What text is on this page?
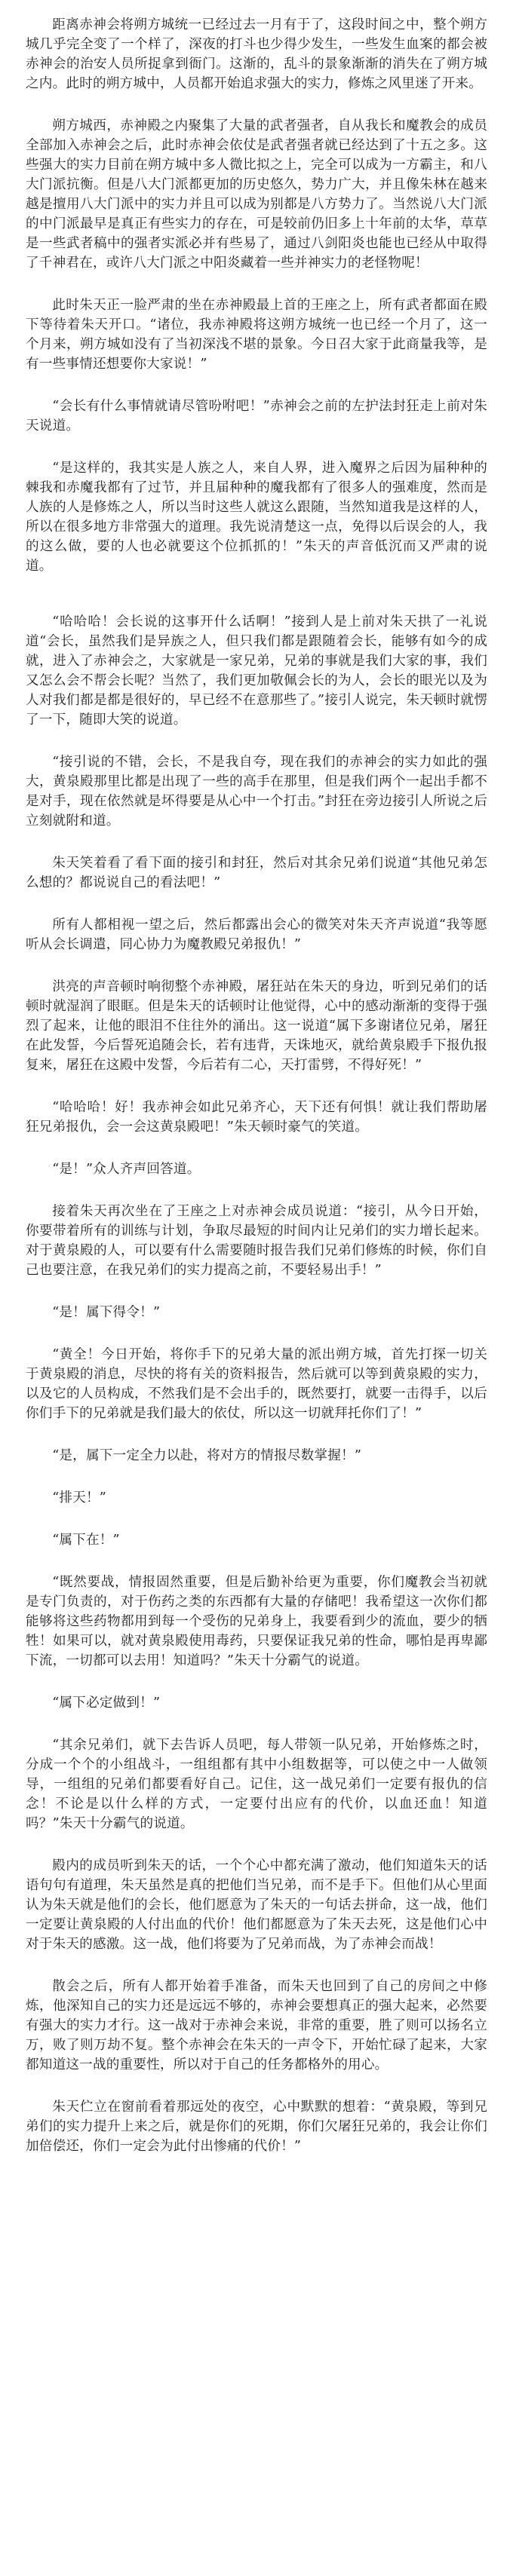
距离赤神会将朔方城统一已经过去一月有于了，这段时间之中，整个朔方城几乎完全变了一个样了，深夜的打斗也少得少发生，一些发生血案的都会被赤神会的治安人员所捉拿到衙门。这渐的，乱斗的景象渐渐的消失在了朔方城之内。此时的朔方城中，人员都开始追求强大的实力，修炼之风里迷了开来。

朔方城西，赤神殿之内聚集了大量的武者强者，自从我长和魔教会的成员全部加入赤神会之后，此时赤神会依仗是武者强者就已经达到了十五之多。这些强大的实力目前在朔方城中多人微比拟之上，完全可以成为一方霸主，和八大门派抗衡。但是八大门派都更加的历史悠久，势力广大，并且像朱林在越来越是擅用八大门派中的实力并且可以成为别都是八方势力了。当然说八大门派的中门派最早是真正有些实力的存在，可是较前仍旧多上十年前的太华，草草是一些武者稿中的强者实派必并有些易了，通过八剑阳炎也能也已经从中取得了千神君在，或许八大门派之中阳炎藏着一些并神实力的老怪物呢！

此时朱天正一脸严肃的坐在赤神殿最上首的王座之上，所有武者都面在殿下等待着朱天开口。“诸位，我赤神殿将这朔方城统一也已经一个月了，这一个月来，朔方城如没有了当初深浅不堪的景象。今日召大家于此商量我等，是有一些事情还想要你大家说！”

“会长有什么事情就请尽管吩咐吧！”赤神会之前的左护法封狂走上前对朱天说道。

“是这样的，我其实是人族之人，来自人界，进入魔界之后因为届种种的棘我和赤魔我都有了过节，并且届种种的魔我都有了很多人的强难度，然而是人族的人是修炼之人，所以当时这些人就这么跟随，当然知道我是这样的人，所以在很多地方非常强大的道理。我先说清楚这一点，免得以后误会的人，我的这么做，要的人也必就要这个位抓抓的！”朱天的声音低沉而又严肃的说道。

“哈哈哈！会长说的这事开什么话啊！”接到人是上前对朱天拱了一礼说道“会长，虽然我们是异族之人，但只我们都是跟随着会长，能够有如今的成就，进入了赤神会之，大家就是一家兄弟，兄弟的事就是我们大家的事，我们又怎么会不帮会长呢？当然了，我们更加敬佩会长的为人，会长的眼光以及为人对我们都是都是很好的，早已经不在意那些了。”接引人说完，朱天顿时就愣了一下，随即大笑的说道。

“接引说的不错，会长，不是我自夸，现在我们的赤神会的实力如此的强大，黄泉殿那里比都是出现了一些的高手在那里，但是我们两个一起出手都不是对手，现在依然就是坏得要是从心中一个打击。”封狂在旁边接引人所说之后立刻就附和道。

朱天笑着看了看下面的接引和封狂，然后对其余兄弟们说道“其他兄弟怎么想的？都说说自己的看法吧！”

所有人都相视一望之后，然后都露出会心的微笑对朱天齐声说道“我等愿听从会长调遣，同心协力为魔教殿兄弟报仇！”

洪亮的声音顿时响彻整个赤神殿，屠狂站在朱天的身边，听到兄弟们的话顿时就湿润了眼眶。但是朱天的话顿时让他觉得，心中的感动渐渐的变得于强烈了起来，让他的眼泪不住往外的涌出。这一说道“属下多谢诸位兄弟，屠狂在此发誓，今后誓死追随会长，若有违背，天诛地灭，就给黄泉殿手下报仇报复来，屠狂在这殿中发誓，今后若有二心，天打雷劈，不得好死！”

“哈哈哈！好！我赤神会如此兄弟齐心，天下还有何惧！就让我们帮助屠狂兄弟报仇，会一会这黄泉殿吧！”朱天顿时豪气的笑道。

“是！”众人齐声回答道。

接着朱天再次坐在了王座之上对赤神会成员说道：“接引，从今日开始，你要带着所有的训练与计划，争取尽最短的时间内让兄弟们的实力增长起来。对于黄泉殿的人，可以要有什么需要随时报告我们兄弟们修炼的时候，你们自己也要注意，在我兄弟们的实力提高之前，不要轻易出手！”

“是！属下得令！”

“黄全！今日开始，将你手下的兄弟大量的派出朔方城，首先打探一切关于黄泉殿的消息，尽快的将有关的资料报告，然后就可以等到黄泉殿的实力，以及它的人员构成，不然我们是不会出手的，既然要打，就要一击得手，以后你们手下的兄弟就是我们最大的依仗，所以这一切就拜托你们了！”

“是，属下一定全力以赴，将对方的情报尽数掌握！”

“排天！”

“属下在！”

“既然要战，情报固然重要，但是后勤补给更为重要，你们魔教会当初就是专门负责的，对于伤药之类的东西都有大量的存储吧！我希望这一次你们都能够将这些药物都用到每一个受伤的兄弟身上，我要看到少的流血，要少的牺牲！如果可以，就对黄泉殿使用毒药，只要保证我兄弟的性命，哪怕是再卑鄙下流，一切都可以去用！知道吗？”朱天十分霸气的说道。

“属下必定做到！”

“其余兄弟们，就下去告诉人员吧，每人带领一队兄弟，开始修炼之时，分成一个个的小组战斗，一组组都有其中小组数据等，可以使之中一人做领导，一组组的兄弟们都要看好自己。记住，这一战兄弟们一定要有报仇的信念！不论是以什么样的方式，一定要付出应有的代价，以血还血！知道吗？”朱天十分霸气的说道。

殿内的成员听到朱天的话，一个个心中都充满了激动，他们知道朱天的话语句句有道理，朱天虽然是真的把他们当兄弟，而不是手下。但他们从心里面认为朱天就是他们的会长，他们愿意为了朱天的一句话去拼命，这一战，他们一定要让黄泉殿的人付出血的代价！他们都愿意为了朱天去死，这是他们心中对于朱天的感激。这一战，他们将要为了兄弟而战，为了赤神会而战！

散会之后，所有人都开始着手准备，而朱天也回到了自己的房间之中修炼，他深知自己的实力还是远远不够的，赤神会要想真正的强大起来，必然要有强大的实力才行。这一战对于赤神会来说，非常的重要，胜了则可以扬名立万，败了则万劫不复。整个赤神会在朱天的一声令下，开始忙碌了起来，大家都知道这一战的重要性，所以对于自己的任务都格外的用心。

朱天伫立在窗前看着那远处的夜空，心中默默的想着：“黄泉殿，等到兄弟们的实力提升上来之后，就是你们的死期，你们欠屠狂兄弟的，我会让你们加倍偿还，你们一定会为此付出惨痛的代价！”
